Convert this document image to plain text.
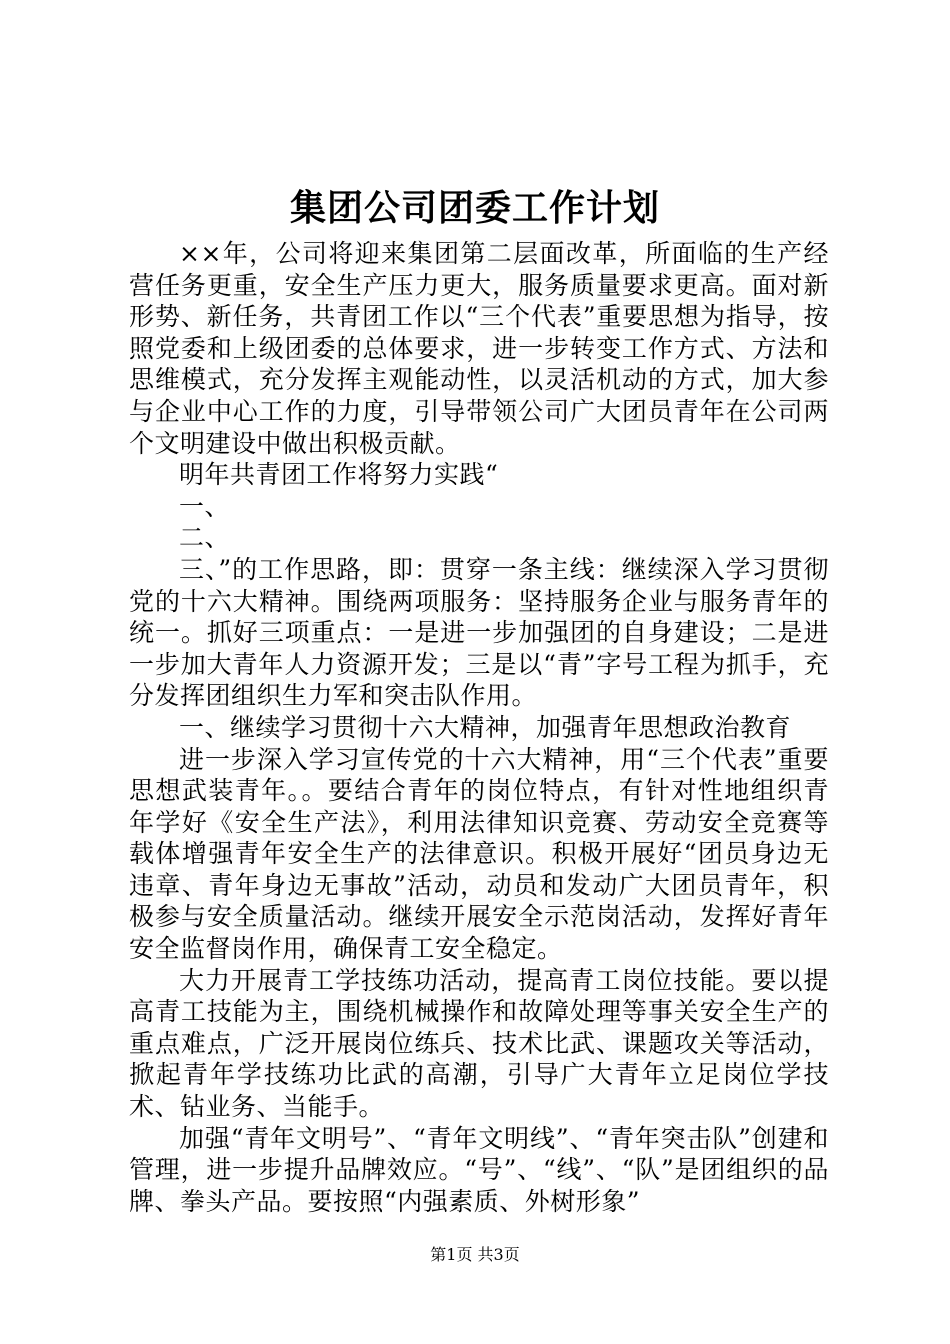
集团公司团委工作计划

××年，公司将迎来集团第二层面改革，所面临的生产经营任务更重，安全生产压力更大，服务质量要求更高。面对新形势、新任务，共青团工作以“三个代表”重要思想为指导，按照党委和上级团委的总体要求，进一步转变工作方式、方法和思维模式，充分发挥主观能动性，以灵活机动的方式，加大参与企业中心工作的力度，引导带领公司广大团员青年在公司两个文明建设中做出积极贡献。

明年共青团工作将努力实践“

一、

二、

三、”的工作思路，即：贯穿一条主线：继续深入学习贯彻党的十六大精神。围绕两项服务：坚持服务企业与服务青年的统一。抓好三项重点：一是进一步加强团的自身建设；二是进一步加大青年人力资源开发；三是以“青”字号工程为抓手，充分发挥团组织生力军和突击队作用。

一、继续学习贯彻十六大精神，加强青年思想政治教育

进一步深入学习宣传党的十六大精神，用“三个代表”重要思想武装青年。。要结合青年的岗位特点，有针对性地组织青年学好《安全生产法》，利用法律知识竞赛、劳动安全竞赛等载体增强青年安全生产的法律意识。积极开展好“团员身边无违章、青年身边无事故”活动，动员和发动广大团员青年，积极参与安全质量活动。继续开展安全示范岗活动，发挥好青年安全监督岗作用，确保青工安全稳定。

大力开展青工学技练功活动，提高青工岗位技能。要以提高青工技能为主，围绕机械操作和故障处理等事关安全生产的重点难点，广泛开展岗位练兵、技术比武、课题攻关等活动，掀起青年学技练功比武的高潮，引导广大青年立足岗位学技术、钻业务、当能手。

加强“青年文明号”、“青年文明线”、“青年突击队”创建和管理，进一步提升品牌效应。“号”、“线”、“队”是团组织的品牌、拳头产品。要按照“内强素质、外树形象”

第1页 共3页
